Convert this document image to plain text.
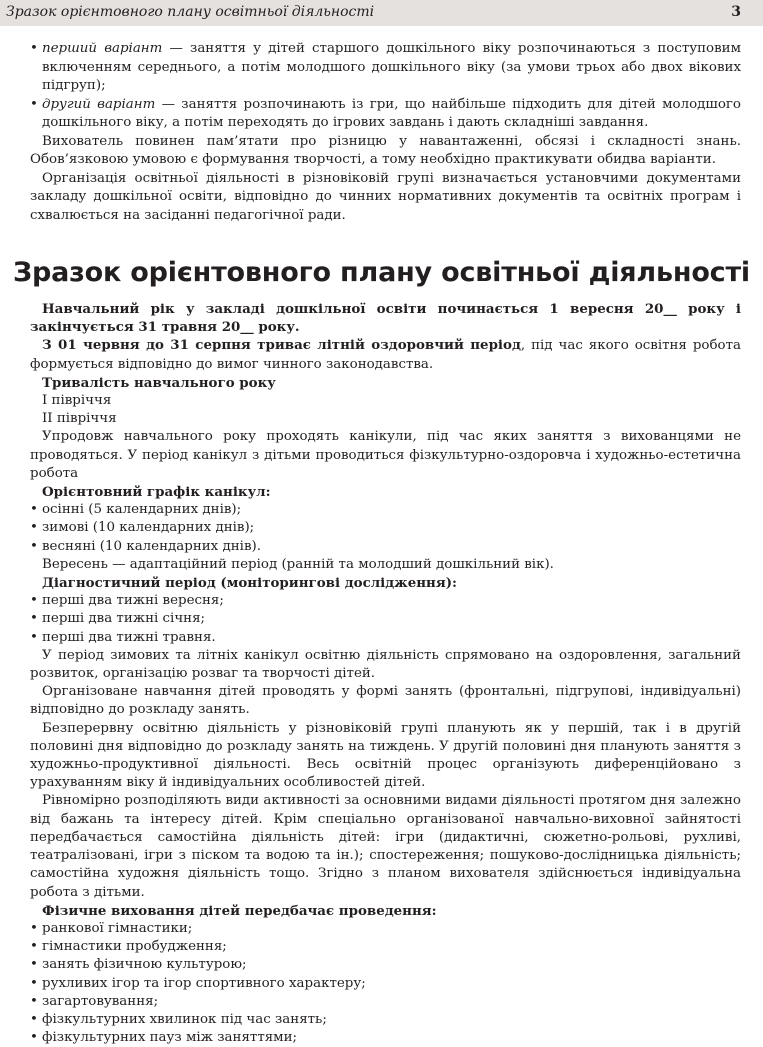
Зразок орієнтовного плану освітньої діяльності	3

• перший варіант — заняття у дітей старшого дошкільного віку розпочинаються з поступовим включенням середнього, а потім молодшого дошкільного віку (за умови трьох або двох вікових підгруп);

• другий варіант — заняття розпочинають із гри, що найбільше підходить для дітей молодшого дошкільного віку, а потім переходять до ігрових завдань і дають складніші завдання.

Вихователь повинен пам’ятати про різницю у навантаженні, обсязі і складності знань. Обов’язковою умовою є формування творчості, а тому необхідно практикувати обидва варіанти.

Організація освітньої діяльності в різновіковій групі визначається установчими документами закладу дошкільної освіти, відповідно до чинних нормативних документів та освітніх програм і схвалюється на засіданні педагогічної ради.

Зразок орієнтовного плану освітньої діяльності

Навчальний рік у закладі дошкільної освіти починається 1 вересня 20__ року і закінчується 31 травня 20__ року.

З 01 червня до 31 серпня триває літній оздоровчий період, під час якого освітня робота формується відповідно до вимог чинного законодавства.

Тривалість навчального року

I півріччя

II півріччя

Упродовж навчального року проходять канікули, під час яких заняття з вихованцями не проводяться. У період канікул з дітьми проводиться фізкультурно-оздоровча і художньо-естетична робота

Орієнтовний графік канікул:

• осінні (5 календарних днів);

• зимові (10 календарних днів);

• весняні (10 календарних днів).

Вересень — адаптаційний період (ранній та молодший дошкільний вік).

Діагностичний період (моніторингові дослідження):

• перші два тижні вересня;

• перші два тижні січня;

• перші два тижні травня.

У період зимових та літніх канікул освітню діяльність спрямовано на оздоровлення, загальний розвиток, організацію розваг та творчості дітей.

Організоване навчання дітей проводять у формі занять (фронтальні, підгрупові, індивідуальні) відповідно до розкладу занять.

Безперервну освітню діяльність у різновіковій групі планують як у першій, так і в другій половині дня відповідно до розкладу занять на тиждень. У другій половині дня планують заняття з художньо-продуктивної діяльності. Весь освітній процес організують диференційовано з урахуванням віку й індивідуальних особливостей дітей.

Рівномірно розподіляють види активності за основними видами діяльності протягом дня залежно від бажань та інтересу дітей. Крім спеціально організованої навчально-виховної зайнятості передбачається самостійна діяльність дітей: ігри (дидактичні, сюжетно-рольові, рухливі, театралізовані, ігри з піском та водою та ін.); спостереження; пошуково-дослідницька діяльність; самостійна художня діяльність тощо. Згідно з планом вихователя здійснюється індивідуальна робота з дітьми.

Фізичне виховання дітей передбачає проведення:

• ранкової гімнастики;

• гімнастики пробудження;

• занять фізичною культурою;

• рухливих ігор та ігор спортивного характеру;

• загартовування;

• фізкультурних хвилинок під час занять;

• фізкультурних пауз між заняттями;
